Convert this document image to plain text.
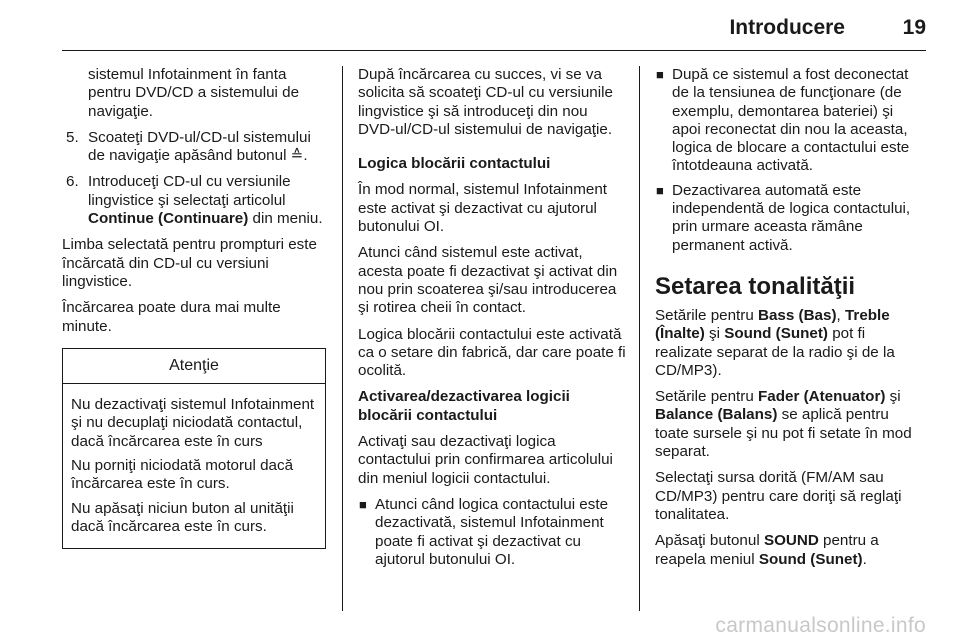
Introducere	19

sistemul Infotainment în fanta pentru DVD/CD a sistemului de navigaţie.

5. Scoateţi DVD-ul/CD-ul sistemului de navigaţie apăsând butonul ≙.
6. Introduceţi CD-ul cu versiunile lingvistice şi selectaţi articolul Continue (Continuare) din meniu.

Limba selectată pentru prompturi este încărcată din CD-ul cu versiuni lingvistice.

Încărcarea poate dura mai multe minute.

Atenţie

Nu dezactivaţi sistemul Infotainment şi nu decuplaţi niciodată contactul, dacă încărcarea este în curs

Nu porniţi niciodată motorul dacă încărcarea este în curs.

Nu apăsaţi niciun buton al unităţii dacă încărcarea este în curs.

După încărcarea cu succes, vi se va solicita să scoateţi CD-ul cu versiunile lingvistice şi să introduceţi din nou DVD-ul/CD-ul sistemului de navigaţie.

Logica blocării contactului

În mod normal, sistemul Infotainment este activat şi dezactivat cu ajutorul butonului OI.

Atunci când sistemul este activat, acesta poate fi dezactivat şi activat din nou prin scoaterea şi/sau introducerea şi rotirea cheii în contact.

Logica blocării contactului este activată ca o setare din fabrică, dar care poate fi ocolită.

Activarea/dezactivarea logicii blocării contactului

Activaţi sau dezactivaţi logica contactului prin confirmarea articolului din meniul logicii contactului.

■ Atunci când logica contactului este dezactivată, sistemul Infotainment poate fi activat şi dezactivat cu ajutorul butonului OI.
■ După ce sistemul a fost deconectat de la tensiunea de funcţionare (de exemplu, demontarea bateriei) şi apoi reconectat din nou la aceasta, logica de blocare a contactului este întotdeauna activată.
■ Dezactivarea automată este independentă de logica contactului, prin urmare aceasta rămâne permanent activă.
Setarea tonalităţii

Setările pentru Bass (Bas), Treble (Înalte) şi Sound (Sunet) pot fi realizate separat de la radio şi de la CD/MP3).

Setările pentru Fader (Atenuator) şi Balance (Balans) se aplică pentru toate sursele şi nu pot fi setate în mod separat.

Selectaţi sursa dorită (FM/AM sau CD/MP3) pentru care doriţi să reglaţi tonalitatea.

Apăsaţi butonul SOUND pentru a reapela meniul Sound (Sunet).

carmanualsonline.info
